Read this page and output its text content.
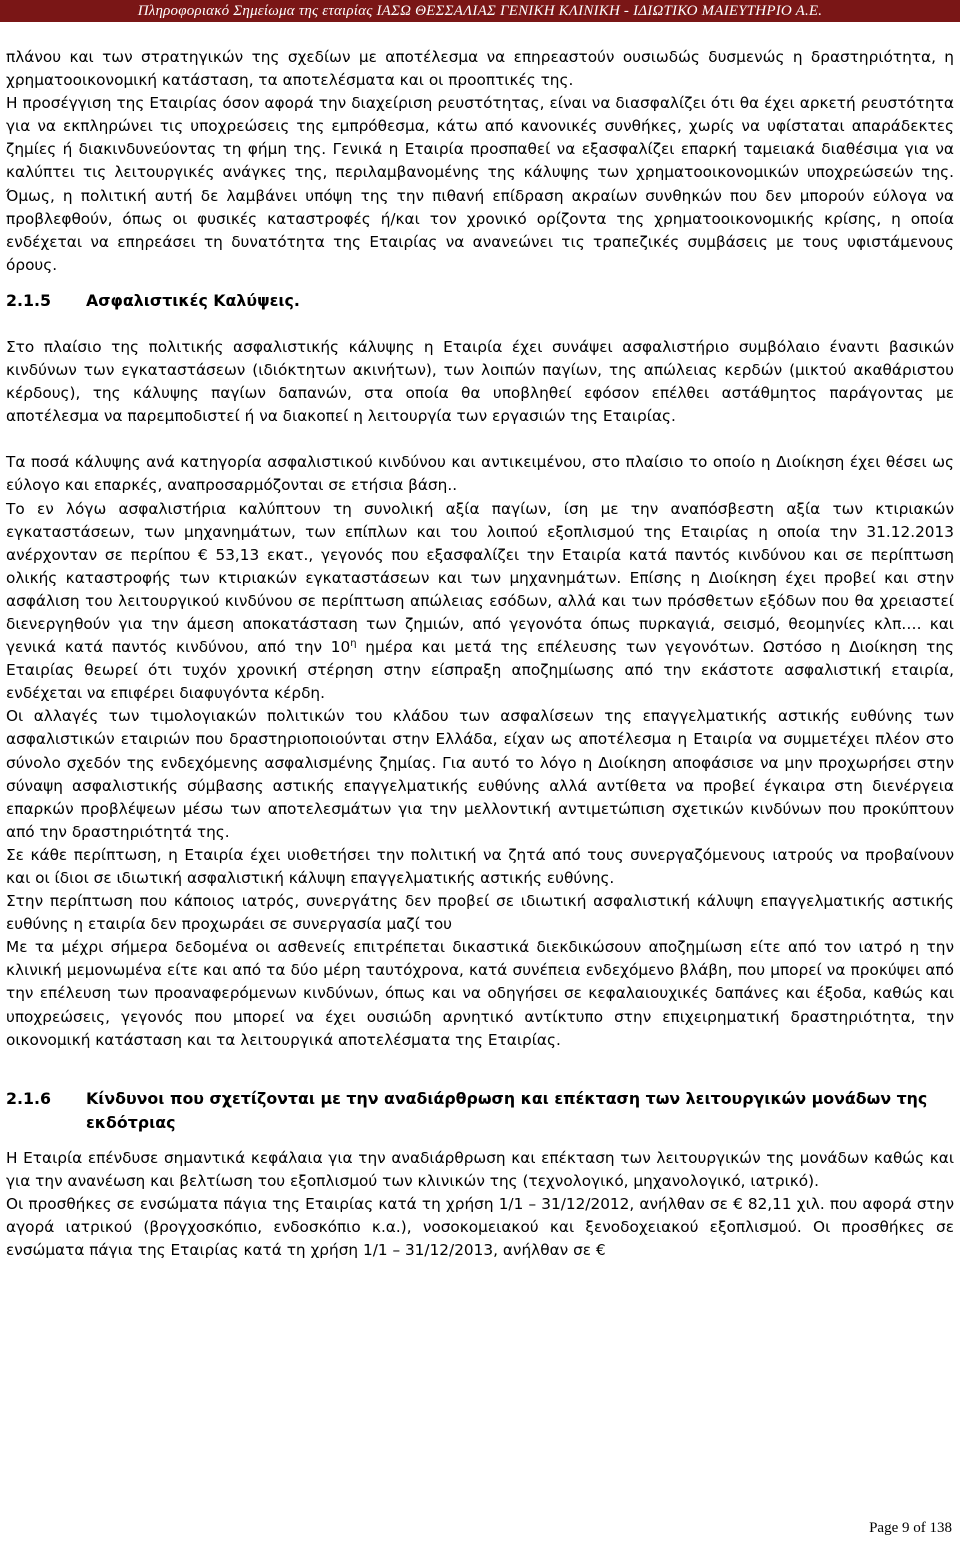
Πληροφοριακό Σημείωμα της εταιρίας ΙΑΣΩ ΘΕΣΣΑΛΙΑΣ ΓΕΝΙΚΗ ΚΛΙΝΙΚΗ - ΙΔΙΩΤΙΚΟ ΜΑΙΕΥΤΗΡΙΟ Α.Ε.

πλάνου και των στρατηγικών της σχεδίων με αποτέλεσμα να επηρεαστούν ουσιωδώς δυσμενώς η δραστηριότητα, η χρηματοοικονομική κατάσταση, τα αποτελέσματα και οι προοπτικές της.

Η προσέγγιση της Εταιρίας όσον αφορά την διαχείριση ρευστότητας, είναι να διασφαλίζει ότι θα έχει αρκετή ρευστότητα για να εκπληρώνει τις υποχρεώσεις της εμπρόθεσμα, κάτω από κανονικές συνθήκες, χωρίς να υφίσταται απαράδεκτες ζημίες ή διακινδυνεύοντας τη φήμη της. Γενικά η Εταιρία προσπαθεί να εξασφαλίζει επαρκή ταμειακά διαθέσιμα για να καλύπτει τις λειτουργικές ανάγκες της, περιλαμβανομένης της κάλυψης των χρηματοοικονομικών υποχρεώσεών της. Όμως, η πολιτική αυτή δε λαμβάνει υπόψη της την πιθανή επίδραση ακραίων συνθηκών που δεν μπορούν εύλογα να προβλεφθούν, όπως οι φυσικές καταστροφές ή/και τον χρονικό ορίζοντα της χρηματοοικονομικής κρίσης, η οποία ενδέχεται να επηρεάσει τη δυνατότητα της Εταιρίας να ανανεώνει τις τραπεζικές συμβάσεις με τους υφιστάμενους όρους.

2.1.5	Ασφαλιστικές Καλύψεις.

Στο πλαίσιο της πολιτικής ασφαλιστικής κάλυψης η Εταιρία έχει συνάψει ασφαλιστήριο συμβόλαιο έναντι βασικών κινδύνων των εγκαταστάσεων (ιδιόκτητων ακινήτων), των λοιπών παγίων, της απώλειας κερδών (μικτού ακαθάριστου κέρδους), της κάλυψης παγίων δαπανών, στα οποία θα υποβληθεί εφόσον επέλθει αστάθμητος παράγοντας με αποτέλεσμα να παρεμποδιστεί ή να διακοπεί η λειτουργία των εργασιών της Εταιρίας.

Τα ποσά κάλυψης ανά κατηγορία ασφαλιστικού κινδύνου και αντικειμένου, στο πλαίσιο το οποίο η Διοίκηση έχει θέσει ως εύλογο και επαρκές, αναπροσαρμόζονται σε ετήσια βάση..

Το εν λόγω ασφαλιστήρια καλύπτουν τη συνολική αξία παγίων, ίση με την αναπόσβεστη αξία των κτιριακών εγκαταστάσεων, των μηχανημάτων, των επίπλων και του λοιπού εξοπλισμού της Εταιρίας η οποία την 31.12.2013 ανέρχονταν σε περίπου € 53,13 εκατ., γεγονός που εξασφαλίζει την Εταιρία κατά παντός κινδύνου και σε περίπτωση ολικής καταστροφής των κτιριακών εγκαταστάσεων και των μηχανημάτων. Επίσης η Διοίκηση έχει προβεί και στην ασφάλιση του λειτουργικού κινδύνου σε περίπτωση απώλειας εσόδων, αλλά και των πρόσθετων εξόδων που θα χρειαστεί διενεργηθούν για την άμεση αποκατάσταση των ζημιών, από γεγονότα όπως πυρκαγιά, σεισμό, θεομηνίες κλπ…. και γενικά κατά παντός κινδύνου, από την $10^\eta$ ημέρα και μετά της επέλευσης των γεγονότων. Ωστόσο η Διοίκηση της Εταιρίας θεωρεί ότι τυχόν χρονική στέρηση στην είσπραξη αποζημίωσης από την εκάστοτε ασφαλιστική εταιρία, ενδέχεται να επιφέρει διαφυγόντα κέρδη.

Οι αλλαγές των τιμολογιακών πολιτικών του κλάδου των ασφαλίσεων της επαγγελματικής αστικής ευθύνης των ασφαλιστικών εταιριών που δραστηριοποιούνται στην Ελλάδα, είχαν ως αποτέλεσμα η Εταιρία να συμμετέχει πλέον στο σύνολο σχεδόν της ενδεχόμενης ασφαλισμένης ζημίας. Για αυτό το λόγο η Διοίκηση αποφάσισε να μην προχωρήσει στην σύναψη ασφαλιστικής σύμβασης αστικής επαγγελματικής ευθύνης αλλά αντίθετα να προβεί έγκαιρα στη διενέργεια επαρκών προβλέψεων μέσω των αποτελεσμάτων για την μελλοντική αντιμετώπιση σχετικών κινδύνων που προκύπτουν από την δραστηριότητά της.

Σε κάθε περίπτωση, η Εταιρία έχει υιοθετήσει την πολιτική να ζητά από τους συνεργαζόμενους ιατρούς να προβαίνουν και οι ίδιοι σε ιδιωτική ασφαλιστική κάλυψη επαγγελματικής αστικής ευθύνης.

Στην περίπτωση που κάποιος ιατρός, συνεργάτης δεν προβεί σε ιδιωτική ασφαλιστική κάλυψη επαγγελματικής αστικής ευθύνης η εταιρία δεν προχωράει σε συνεργασία μαζί του

Με τα μέχρι σήμερα δεδομένα οι ασθενείς επιτρέπεται δικαστικά διεκδικώσουν αποζημίωση είτε από τον ιατρό η την κλινική μεμονωμένα είτε και από τα δύο μέρη ταυτόχρονα, κατά συνέπεια ενδεχόμενο βλάβη, που μπορεί να προκύψει από την επέλευση των προαναφερόμενων κινδύνων, όπως και να οδηγήσει σε κεφαλαιουχικές δαπάνες και έξοδα, καθώς και υποχρεώσεις, γεγονός που μπορεί να έχει ουσιώδη αρνητικό αντίκτυπο στην επιχειρηματική δραστηριότητα, την οικονομική κατάσταση και τα λειτουργικά αποτελέσματα της Εταιρίας.

2.1.6	Κίνδυνοι που σχετίζονται με την αναδιάρθρωση και επέκταση των λειτουργικών μονάδων της εκδότριας

Η Εταιρία επένδυσε σημαντικά κεφάλαια για την αναδιάρθρωση και επέκταση των λειτουργικών της μονάδων καθώς και για την ανανέωση και βελτίωση του εξοπλισμού των κλινικών της (τεχνολογικό, μηχανολογικό, ιατρικό).

Οι προσθήκες σε ενσώματα πάγια της Εταιρίας κατά τη χρήση 1/1 – 31/12/2012, ανήλθαν σε € 82,11 χιλ. που αφορά στην αγορά ιατρικού (βρογχοσκόπιο, ενδοσκόπιο κ.α.), νοσοκομειακού και ξενοδοχειακού εξοπλισμού. Οι προσθήκες σε ενσώματα πάγια της Εταιρίας κατά τη χρήση 1/1 – 31/12/2013, ανήλθαν σε €

Page 9 of 138
